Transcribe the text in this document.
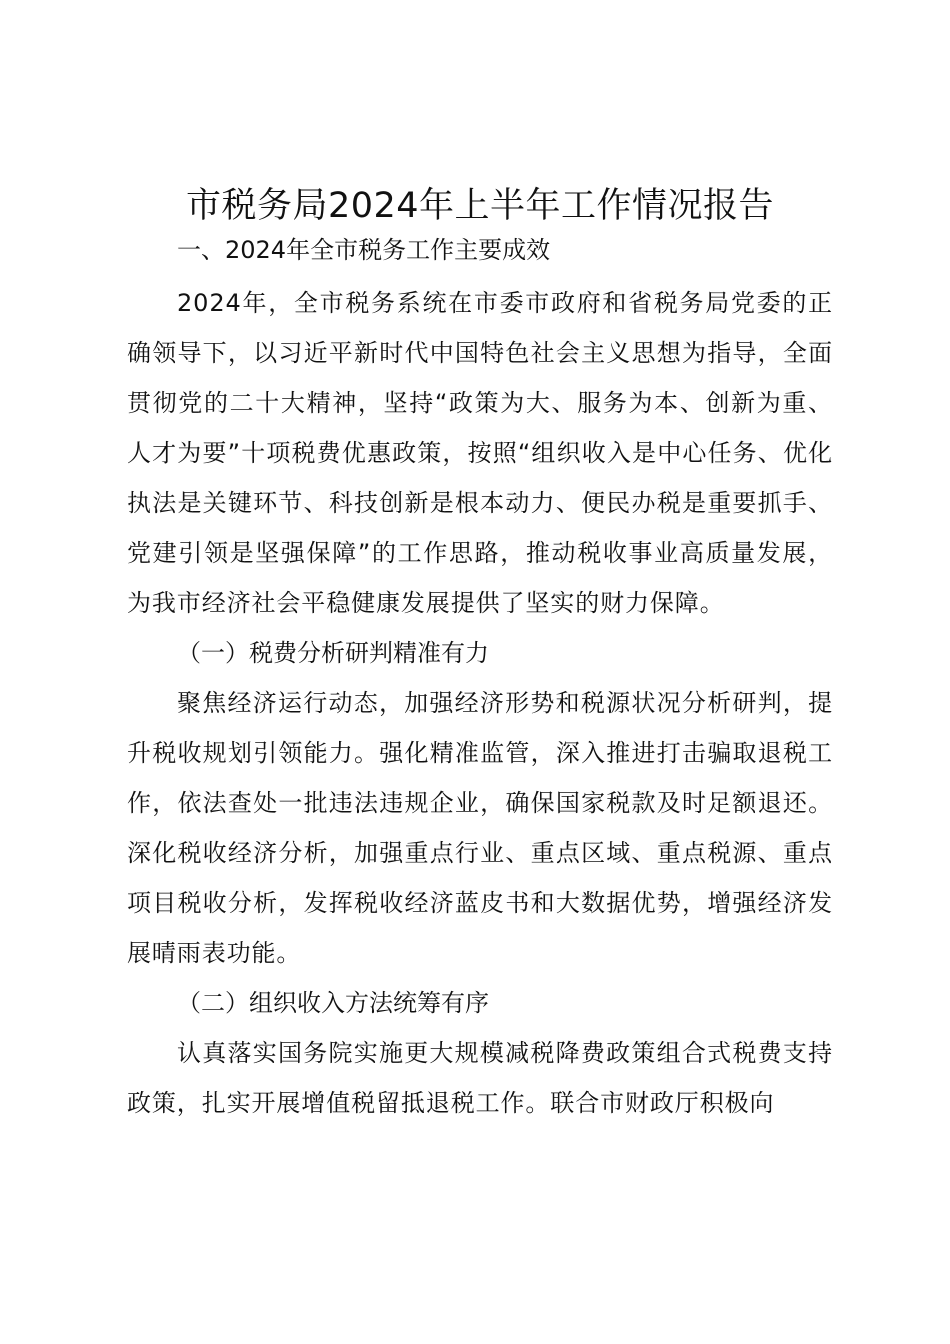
市税务局2024年上半年工作情况报告
一、2024年全市税务工作主要成效

2024年，全市税务系统在市委市政府和省税务局党委的正确领导下，以习近平新时代中国特色社会主义思想为指导，全面贯彻党的二十大精神，坚持“政策为大、服务为本、创新为重、人才为要”十项税费优惠政策，按照“组织收入是中心任务、优化执法是关键环节、科技创新是根本动力、便民办税是重要抓手、党建引领是坚强保障”的工作思路，推动税收事业高质量发展，为我市经济社会平稳健康发展提供了坚实的财力保障。

（一）税费分析研判精准有力

聚焦经济运行动态，加强经济形势和税源状况分析研判，提升税收规划引领能力。强化精准监管，深入推进打击骗取退税工作，依法查处一批违法违规企业，确保国家税款及时足额退还。深化税收经济分析，加强重点行业、重点区域、重点税源、重点项目税收分析，发挥税收经济蓝皮书和大数据优势，增强经济发展晴雨表功能。

（二）组织收入方法统筹有序

认真落实国务院实施更大规模减税降费政策组合式税费支持政策，扎实开展增值税留抵退税工作。联合市财政厅积极向
